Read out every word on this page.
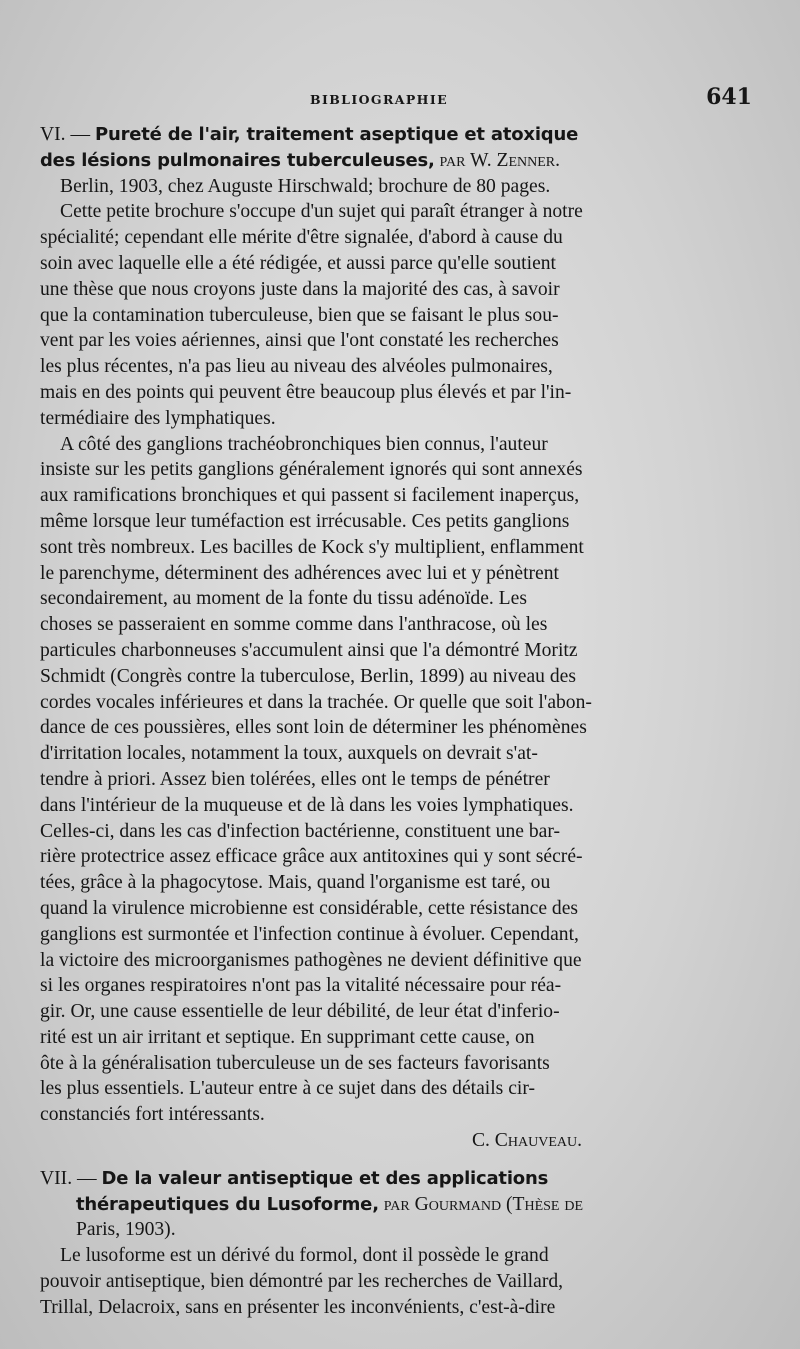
BIBLIOGRAPHIE	641
VI. — Pureté de l'air, traitement aseptique et atoxique
des lésions pulmonaires tuberculeuses, par W. Zenner.
Berlin, 1903, chez Auguste Hirschwald; brochure de 80 pages.
Cette petite brochure s'occupe d'un sujet qui paraît étranger à notre
spécialité; cependant elle mérite d'être signalée, d'abord à cause du
soin avec laquelle elle a été rédigée, et aussi parce qu'elle soutient
une thèse que nous croyons juste dans la majorité des cas, à savoir
que la contamination tuberculeuse, bien que se faisant le plus sou-
vent par les voies aériennes, ainsi que l'ont constaté les recherches
les plus récentes, n'a pas lieu au niveau des alvéoles pulmonaires,
mais en des points qui peuvent être beaucoup plus élevés et par l'in-
termédiaire des lymphatiques.
A côté des ganglions trachéobronchiques bien connus, l'auteur
insiste sur les petits ganglions généralement ignorés qui sont annexés
aux ramifications bronchiques et qui passent si facilement inaperçus,
même lorsque leur tuméfaction est irrécusable. Ces petits ganglions
sont très nombreux. Les bacilles de Kock s'y multiplient, enflamment
le parenchyme, déterminent des adhérences avec lui et y pénètrent
secondairement, au moment de la fonte du tissu adénoïde. Les
choses se passeraient en somme comme dans l'anthracose, où les
particules charbonneuses s'accumulent ainsi que l'a démontré Moritz
Schmidt (Congrès contre la tuberculose, Berlin, 1899) au niveau des
cordes vocales inférieures et dans la trachée. Or quelle que soit l'abon-
dance de ces poussières, elles sont loin de déterminer les phénomènes
d'irritation locales, notamment la toux, auxquels on devrait s'at-
tendre à priori. Assez bien tolérées, elles ont le temps de pénétrer
dans l'intérieur de la muqueuse et de là dans les voies lymphatiques.
Celles-ci, dans les cas d'infection bactérienne, constituent une bar-
rière protectrice assez efficace grâce aux antitoxines qui y sont sécré-
tées, grâce à la phagocytose. Mais, quand l'organisme est taré, ou
quand la virulence microbienne est considérable, cette résistance des
ganglions est surmontée et l'infection continue à évoluer. Cependant,
la victoire des microorganismes pathogènes ne devient définitive que
si les organes respiratoires n'ont pas la vitalité nécessaire pour réa-
gir. Or, une cause essentielle de leur débilité, de leur état d'inferio-
rité est un air irritant et septique. En supprimant cette cause, on
ôte à la généralisation tuberculeuse un de ses facteurs favorisants
les plus essentiels. L'auteur entre à ce sujet dans des détails cir-
constanciés fort intéressants.
C. Chauveau.
VII. — De la valeur antiseptique et des applications
thérapeutiques du Lusoforme, par Gourmand (Thèse de
Paris, 1903).
Le lusoforme est un dérivé du formol, dont il possède le grand
pouvoir antiseptique, bien démontré par les recherches de Vaillard,
Trillal, Delacroix, sans en présenter les inconvénients, c'est-à-dire
